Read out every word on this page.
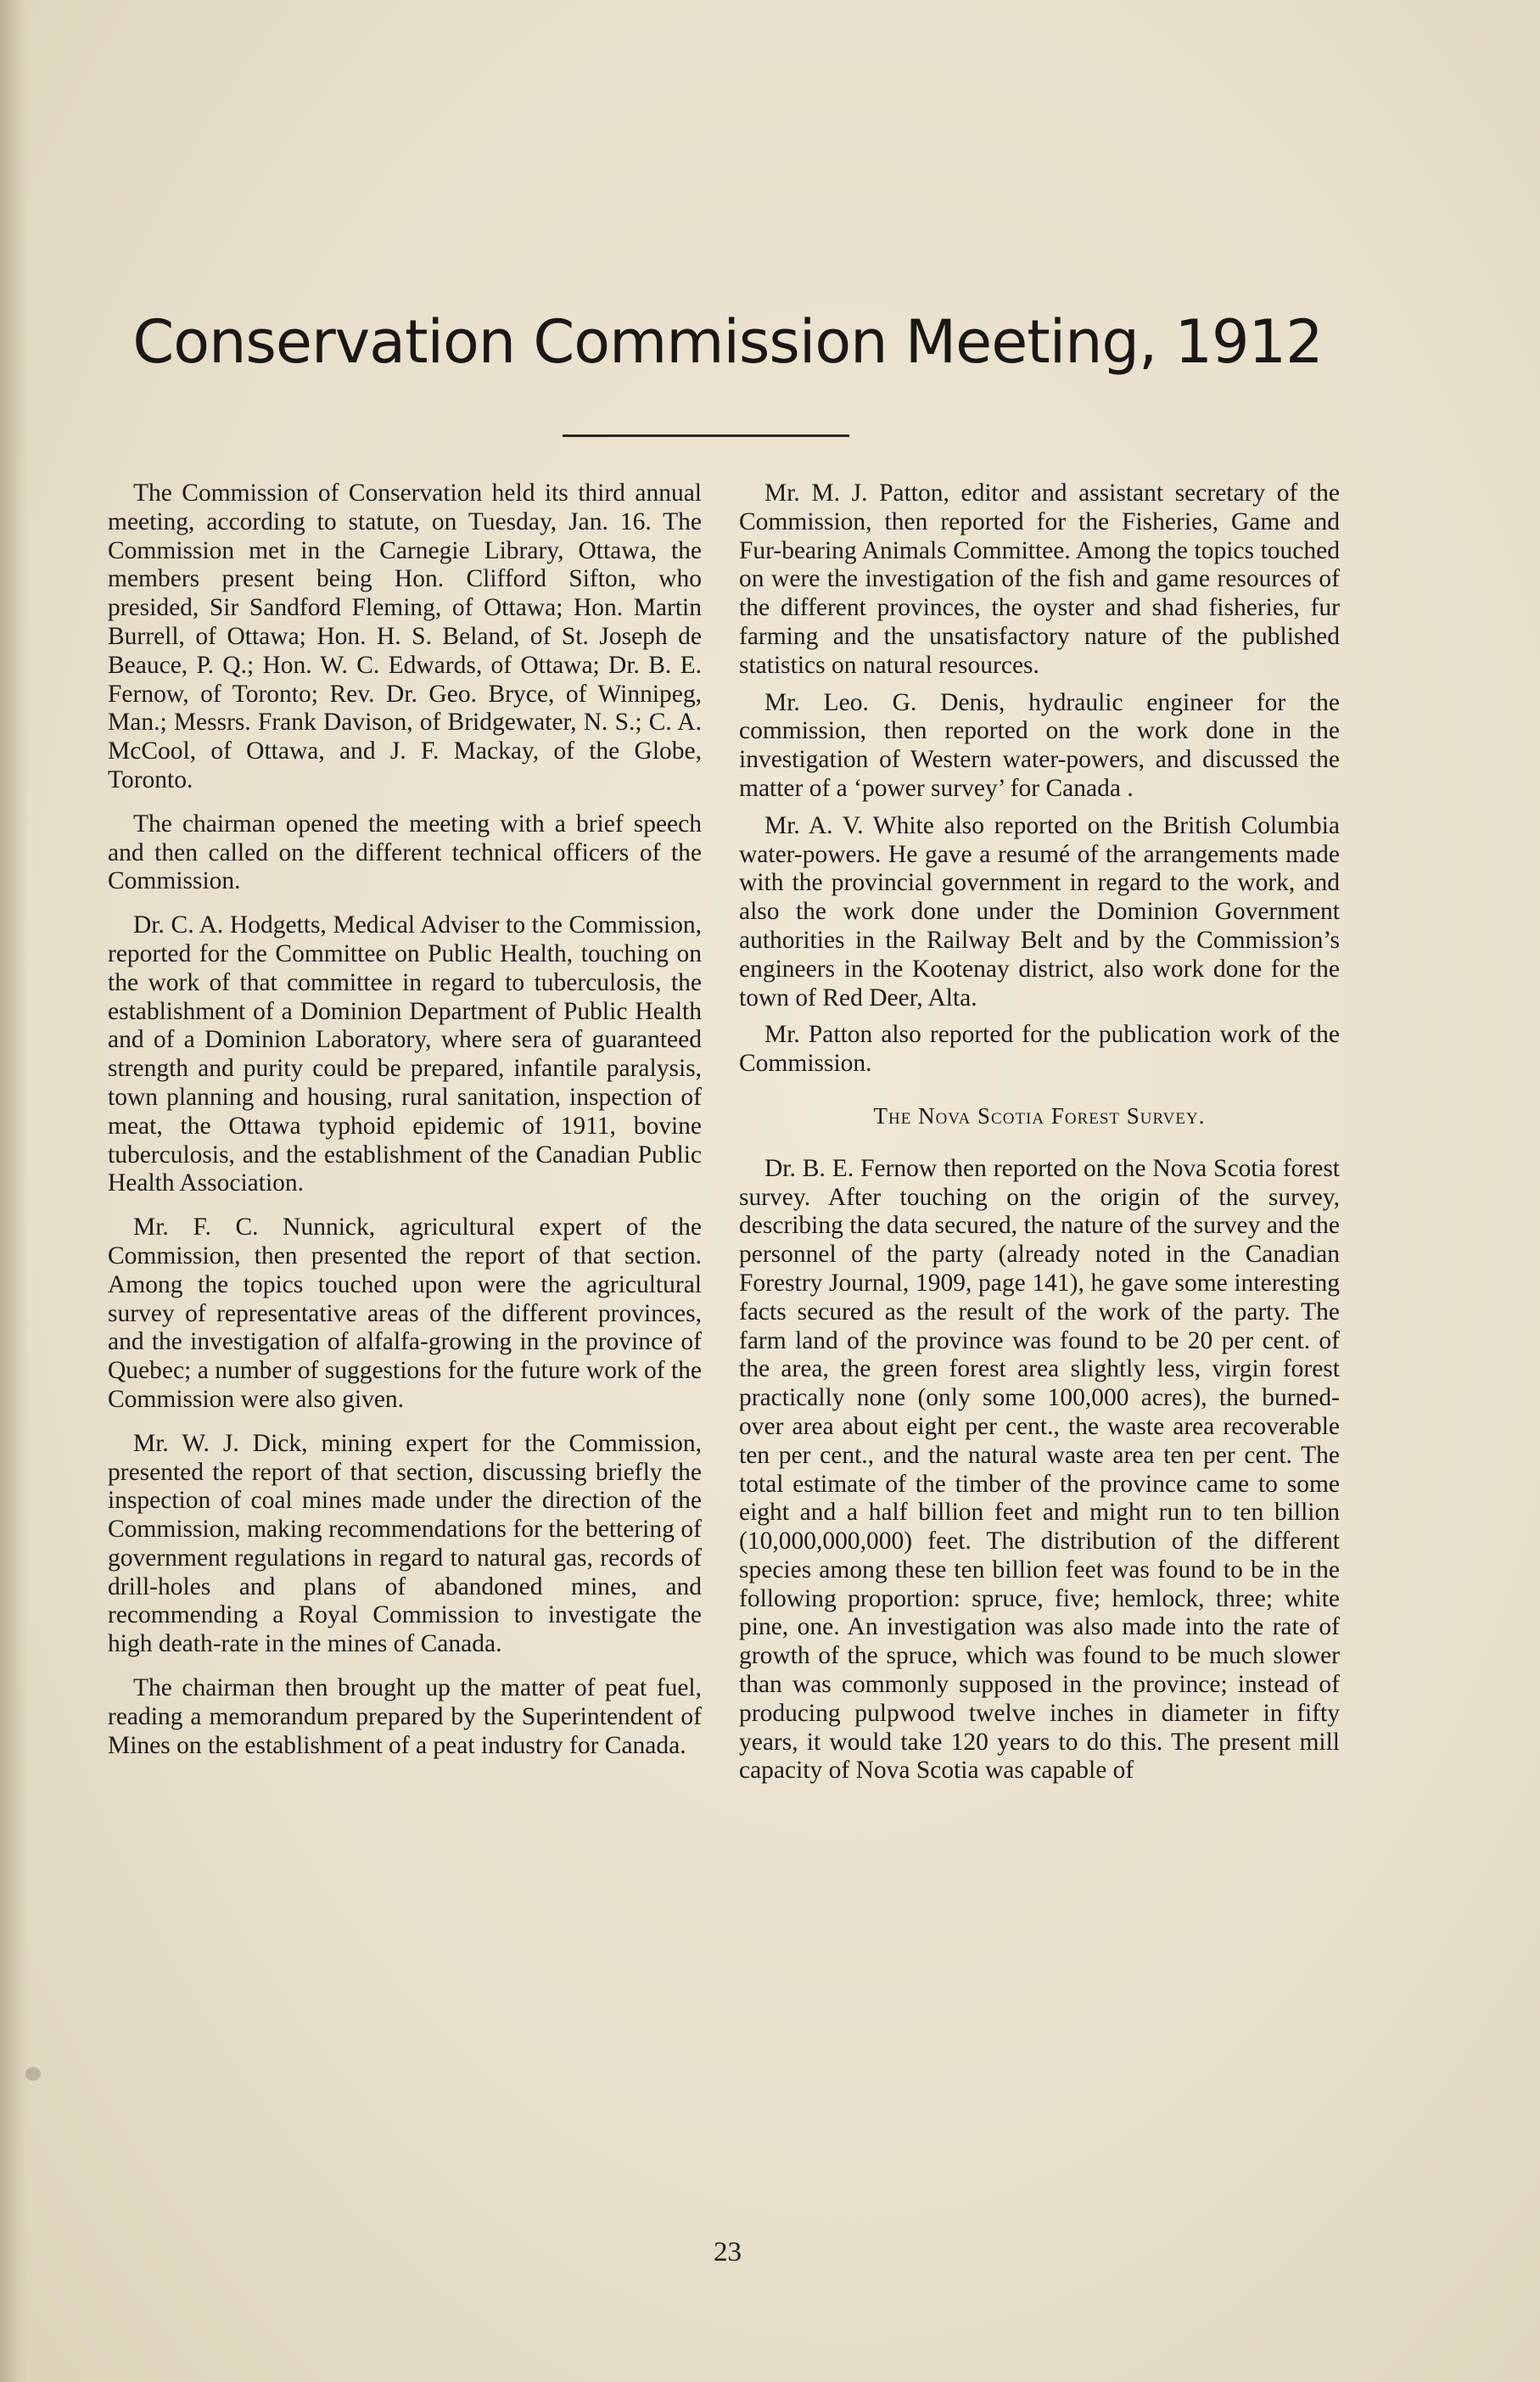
Conservation Commission Meeting, 1912

The Commission of Conservation held its third annual meeting, according to statute, on Tuesday, Jan. 16. The Commission met in the Carnegie Library, Ottawa, the members present being Hon. Clifford Sifton, who presided, Sir Sandford Fleming, of Ottawa; Hon. Martin Burrell, of Ottawa; Hon. H. S. Beland, of St. Joseph de Beauce, P. Q.; Hon. W. C. Edwards, of Ottawa; Dr. B. E. Fernow, of Toronto; Rev. Dr. Geo. Bryce, of Winnipeg, Man.; Messrs. Frank Davison, of Bridgewater, N. S.; C. A. McCool, of Ottawa, and J. F. Mackay, of the Globe, Toronto.

The chairman opened the meeting with a brief speech and then called on the different technical officers of the Commission.

Dr. C. A. Hodgetts, Medical Adviser to the Commission, reported for the Committee on Public Health, touching on the work of that committee in regard to tuberculosis, the establishment of a Dominion Department of Public Health and of a Dominion Laboratory, where sera of guaranteed strength and purity could be prepared, infantile paralysis, town planning and housing, rural sanitation, inspection of meat, the Ottawa typhoid epidemic of 1911, bovine tuberculosis, and the establishment of the Canadian Public Health Association.

Mr. F. C. Nunnick, agricultural expert of the Commission, then presented the report of that section. Among the topics touched upon were the agricultural survey of representative areas of the different provinces, and the investigation of alfalfa-growing in the province of Quebec; a number of suggestions for the future work of the Commission were also given.

Mr. W. J. Dick, mining expert for the Commission, presented the report of that section, discussing briefly the inspection of coal mines made under the direction of the Commission, making recommendations for the bettering of government regulations in regard to natural gas, records of drill-holes and plans of abandoned mines, and recommending a Royal Commission to investigate the high death-rate in the mines of Canada.

The chairman then brought up the matter of peat fuel, reading a memorandum prepared by the Superintendent of Mines on the establishment of a peat industry for Canada.

Mr. M. J. Patton, editor and assistant secretary of the Commission, then reported for the Fisheries, Game and Fur-bearing Animals Committee. Among the topics touched on were the investigation of the fish and game resources of the different provinces, the oyster and shad fisheries, fur farming and the unsatisfactory nature of the published statistics on natural resources.

Mr. Leo. G. Denis, hydraulic engineer for the commission, then reported on the work done in the investigation of Western water-powers, and discussed the matter of a ‘power survey’ for Canada .

Mr. A. V. White also reported on the British Columbia water-powers. He gave a resumé of the arrangements made with the provincial government in regard to the work, and also the work done under the Dominion Government authorities in the Railway Belt and by the Commission’s engineers in the Kootenay district, also work done for the town of Red Deer, Alta.

Mr. Patton also reported for the publication work of the Commission.

The Nova Scotia Forest Survey.

Dr. B. E. Fernow then reported on the Nova Scotia forest survey. After touching on the origin of the survey, describing the data secured, the nature of the survey and the personnel of the party (already noted in the Canadian Forestry Journal, 1909, page 141), he gave some interesting facts secured as the result of the work of the party. The farm land of the province was found to be 20 per cent. of the area, the green forest area slightly less, virgin forest practically none (only some 100,000 acres), the burned-over area about eight per cent., the waste area recoverable ten per cent., and the natural waste area ten per cent. The total estimate of the timber of the province came to some eight and a half billion feet and might run to ten billion (10,000,000,000) feet. The distribution of the different species among these ten billion feet was found to be in the following proportion: spruce, five; hemlock, three; white pine, one. An investigation was also made into the rate of growth of the spruce, which was found to be much slower than was commonly supposed in the province; instead of producing pulpwood twelve inches in diameter in fifty years, it would take 120 years to do this. The present mill capacity of Nova Scotia was capable of

23
